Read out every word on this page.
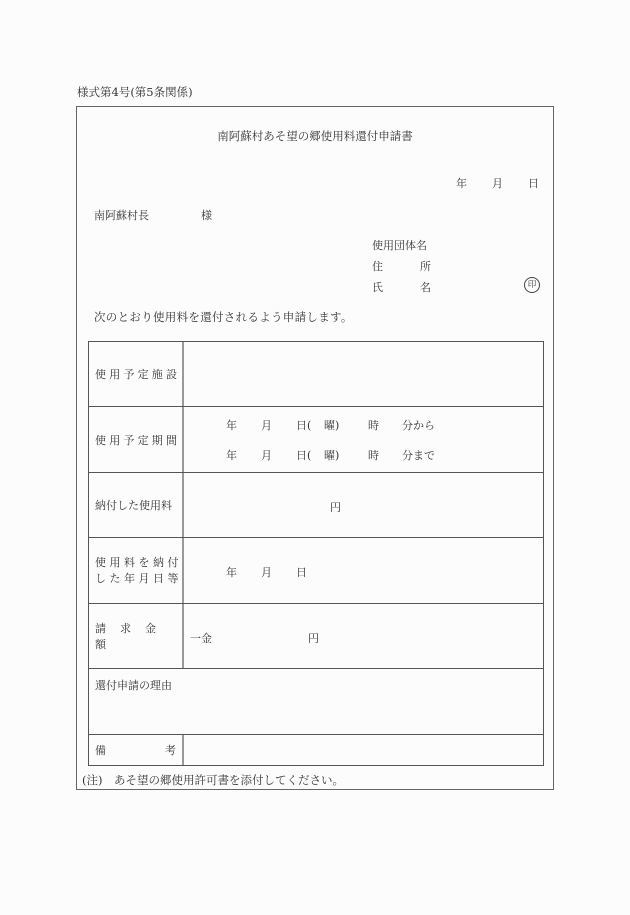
様式第4号(第5条関係)
南阿蘇村あそ望の郷使用料還付申請書
年 月 日
南阿蘇村長	様
使用団体名
住	所
氏	名	印
次のとおり使用料を還付されるよう申請します。
使用予定施設
使用予定期間
年 月 日( 曜)	時 分から
年 月 日( 曜)	時 分まで
納付した使用料	円
使用料を納付
した年月日等	年 月 日
請求金額	一金	円
還付申請の理由
備	考
(注)　あそ望の郷使用許可書を添付してください。
